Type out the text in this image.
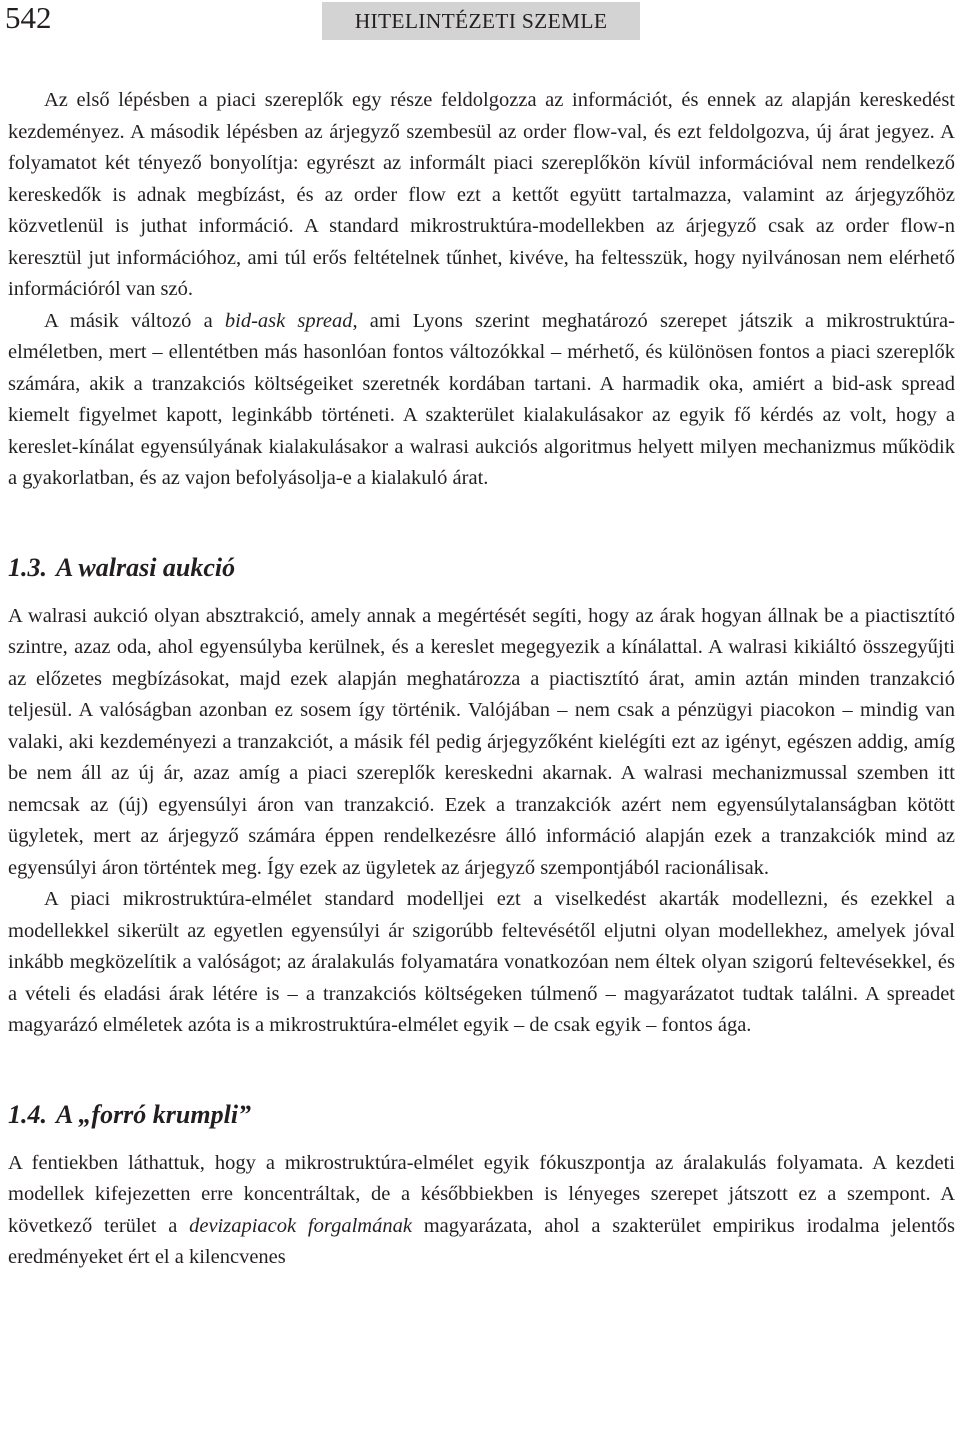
542	HITELINTÉZETI SZEMLE

Az első lépésben a piaci szereplők egy része feldolgozza az információt, és ennek az alapján kereskedést kezdeményez. A második lépésben az árjegyző szembesül az order flow-val, és ezt feldolgozva, új árat jegyez. A folyamatot két tényező bonyolítja: egyrészt az informált piaci szereplőkön kívül információval nem rendelkező kereskedők is adnak megbízást, és az order flow ezt a kettőt együtt tartalmazza, valamint az árjegyzőhöz közvetlenül is juthat információ. A standard mikrostruktúra-modellekben az árjegyző csak az order flow-n keresztül jut információhoz, ami túl erős feltételnek tűnhet, kivéve, ha feltesszük, hogy nyilvánosan nem elérhető információról van szó.

A másik változó a bid-ask spread, ami Lyons szerint meghatározó szerepet játszik a mikrostruktúra-elméletben, mert – ellentétben más hasonlóan fontos változókkal – mérhető, és különösen fontos a piaci szereplők számára, akik a tranzakciós költségeiket szeretnék kordában tartani. A harmadik oka, amiért a bid-ask spread kiemelt figyelmet kapott, leginkább történeti. A szakterület kialakulásakor az egyik fő kérdés az volt, hogy a kereslet-kínálat egyensúlyának kialakulásakor a walrasi aukciós algoritmus helyett milyen mechanizmus működik a gyakorlatban, és az vajon befolyásolja-e a kialakuló árat.

1.3. A walrasi aukció

A walrasi aukció olyan absztrakció, amely annak a megértését segíti, hogy az árak hogyan állnak be a piactisztító szintre, azaz oda, ahol egyensúlyba kerülnek, és a kereslet megegyezik a kínálattal. A walrasi kikiáltó összegyűjti az előzetes megbízásokat, majd ezek alapján meghatározza a piactisztító árat, amin aztán minden tranzakció teljesül. A valóságban azonban ez sosem így történik. Valójában – nem csak a pénzügyi piacokon – mindig van valaki, aki kezdeményezi a tranzakciót, a másik fél pedig árjegyzőként kielégíti ezt az igényt, egészen addig, amíg be nem áll az új ár, azaz amíg a piaci szereplők kereskedni akarnak. A walrasi mechanizmussal szemben itt nemcsak az (új) egyensúlyi áron van tranzakció. Ezek a tranzakciók azért nem egyensúlytalanságban kötött ügyletek, mert az árjegyző számára éppen rendelkezésre álló információ alapján ezek a tranzakciók mind az egyensúlyi áron történtek meg. Így ezek az ügyletek az árjegyző szempontjából racionálisak.

A piaci mikrostruktúra-elmélet standard modelljei ezt a viselkedést akarták modellezni, és ezekkel a modellekkel sikerült az egyetlen egyensúlyi ár szigorúbb feltevésétől eljutni olyan modellekhez, amelyek jóval inkább megközelítik a valóságot; az áralakulás folyamatára vonatkozóan nem éltek olyan szigorú feltevésekkel, és a vételi és eladási árak létére is – a tranzakciós költségeken túlmenő – magyarázatot tudtak találni. A spreadet magyarázó elméletek azóta is a mikrostruktúra-elmélet egyik – de csak egyik – fontos ága.

1.4. A „forró krumpli”

A fentiekben láthattuk, hogy a mikrostruktúra-elmélet egyik fókuszpontja az áralakulás folyamata. A kezdeti modellek kifejezetten erre koncentráltak, de a későbbiekben is lényeges szerepet játszott ez a szempont. A következő terület a devizapiacok forgalmának magyarázata, ahol a szakterület empirikus irodalma jelentős eredményeket ért el a kilencvenes
